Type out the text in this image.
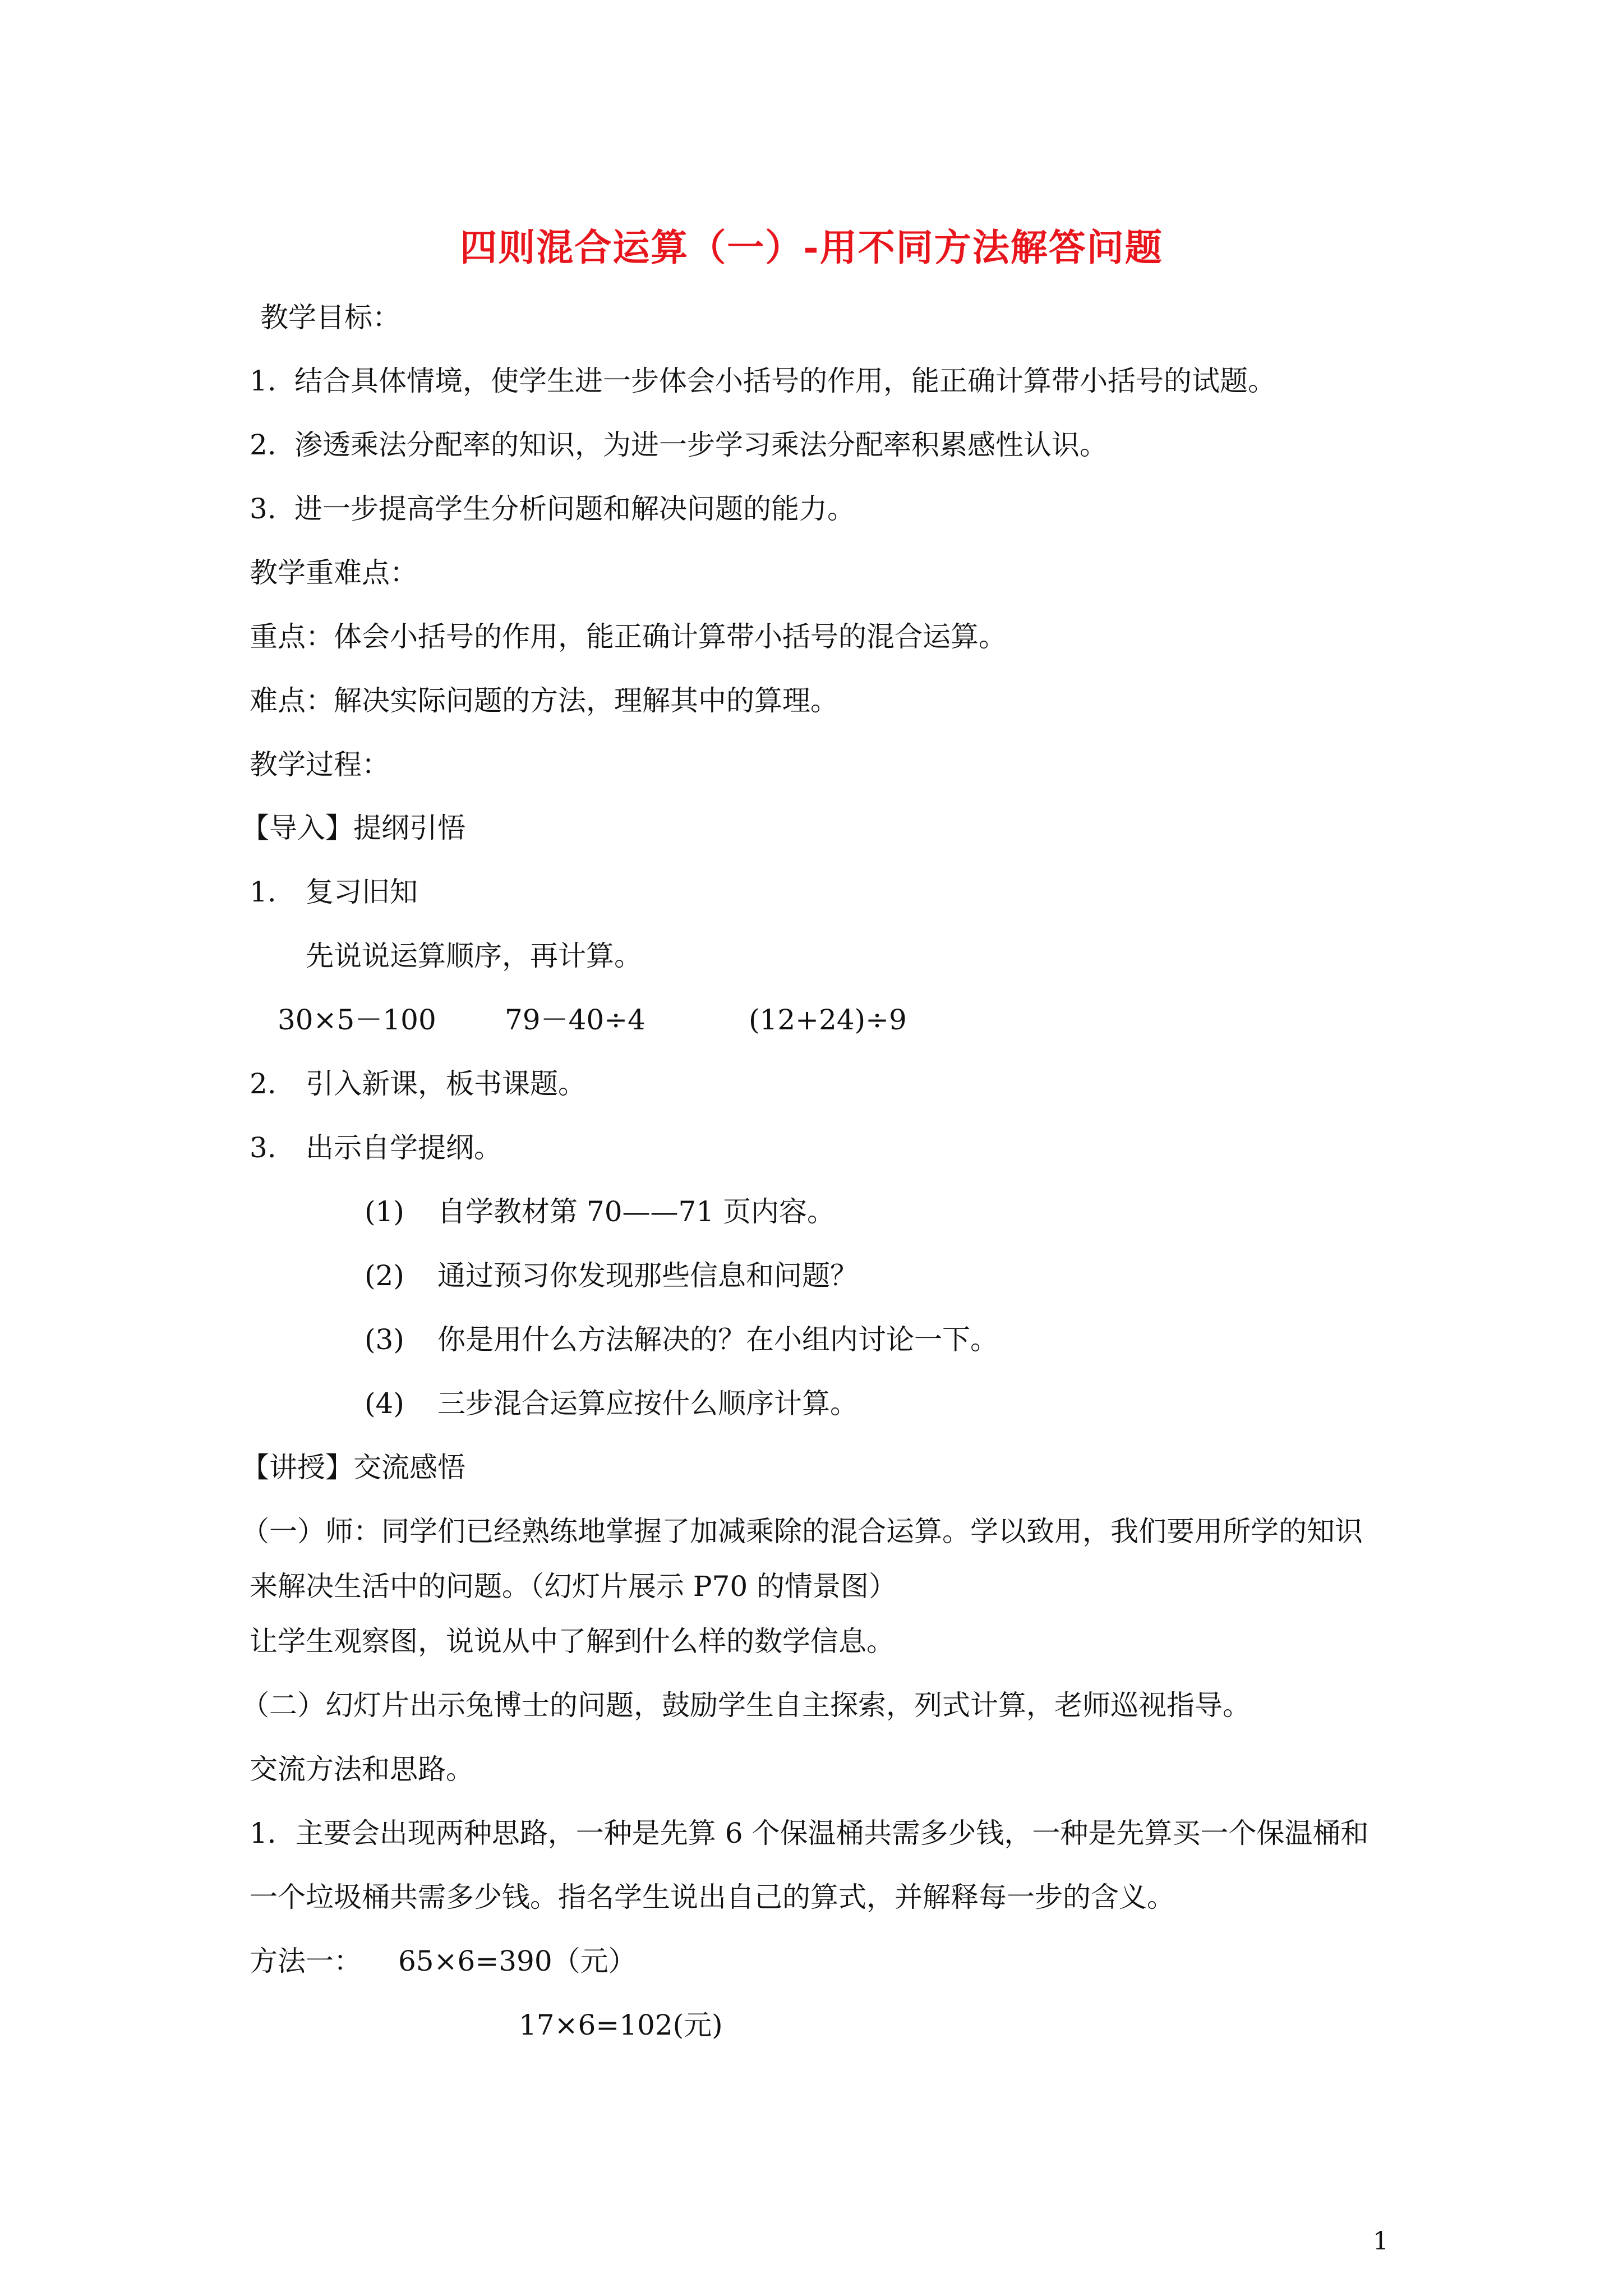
四则混合运算（一）-用不同方法解答问题
教学目标：
1. 结合具体情境，使学生进一步体会小括号的作用，能正确计算带小括号的试题。
2. 渗透乘法分配率的知识，为进一步学习乘法分配率积累感性认识。
3. 进一步提高学生分析问题和解决问题的能力。
教学重难点：
重点：体会小括号的作用，能正确计算带小括号的混合运算。
难点：解决实际问题的方法，理解其中的算理。
教学过程：
【导入】提纲引悟
1. 复习旧知
先说说运算顺序，再计算。
30×5－100 79－40÷4	(12+24)÷9
2. 引入新课，板书课题。
3. 出示自学提纲。
(1) 自学教材第 70——71 页内容。
(2) 通过预习你发现那些信息和问题？
(3) 你是用什么方法解决的？在小组内讨论一下。
(4) 三步混合运算应按什么顺序计算。
【讲授】交流感悟
（一）师：同学们已经熟练地掌握了加减乘除的混合运算。学以致用，我们要用所学的知识
来解决生活中的问题。（幻灯片展示 P70 的情景图）
让学生观察图，说说从中了解到什么样的数学信息。
（二）幻灯片出示兔博士的问题，鼓励学生自主探索，列式计算，老师巡视指导。
交流方法和思路。
1．主要会出现两种思路，一种是先算 6 个保温桶共需多少钱，一种是先算买一个保温桶和
一个垃圾桶共需多少钱。指名学生说出自己的算式，并解释每一步的含义。
方法一： 65×6=390（元）
17×6=102(元)
1
